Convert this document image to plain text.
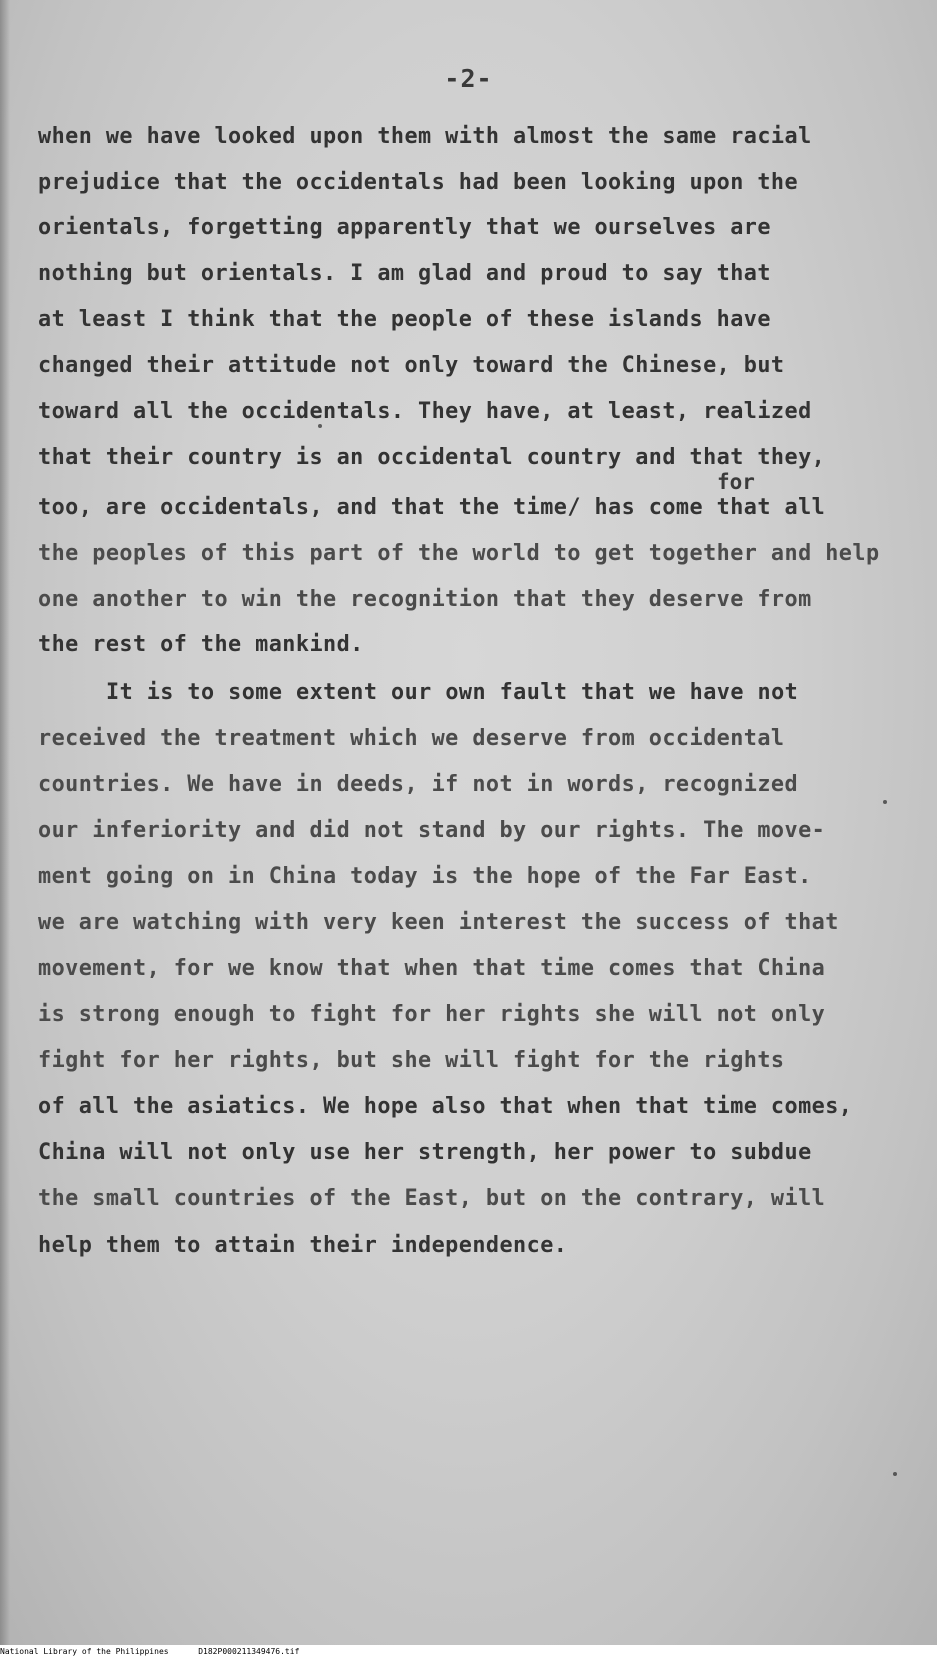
-2-
when we have looked upon them with almost the same racial
prejudice that the occidentals had been looking upon the
orientals, forgetting apparently that we ourselves are
nothing but orientals. I am glad and proud to say that
at least I think that the people of these islands have
changed their attitude not only toward the Chinese, but
toward all the occidentals. They have, at least, realized
that their country is an occidental country and that they,
for
too, are occidentals, and that the time/ has come that all
the peoples of this part of the world to get together and help
one another to win the recognition that they deserve from
the rest of the mankind.
It is to some extent our own fault that we have not
received the treatment which we deserve from occidental
countries. We have in deeds, if not in words, recognized
our inferiority and did not stand by our rights. The move-
ment going on in China today is the hope of the Far East.
we are watching with very keen interest the success of that
movement, for we know that when that time comes that China
is strong enough to fight for her rights she will not only
fight for her rights, but she will fight for the rights
of all the asiatics. We hope also that when that time comes,
China will not only use her strength, her power to subdue
the small countries of the East, but on the contrary, will
help them to attain their independence.
National Library of the Philippines	D182P000211349476.tif
